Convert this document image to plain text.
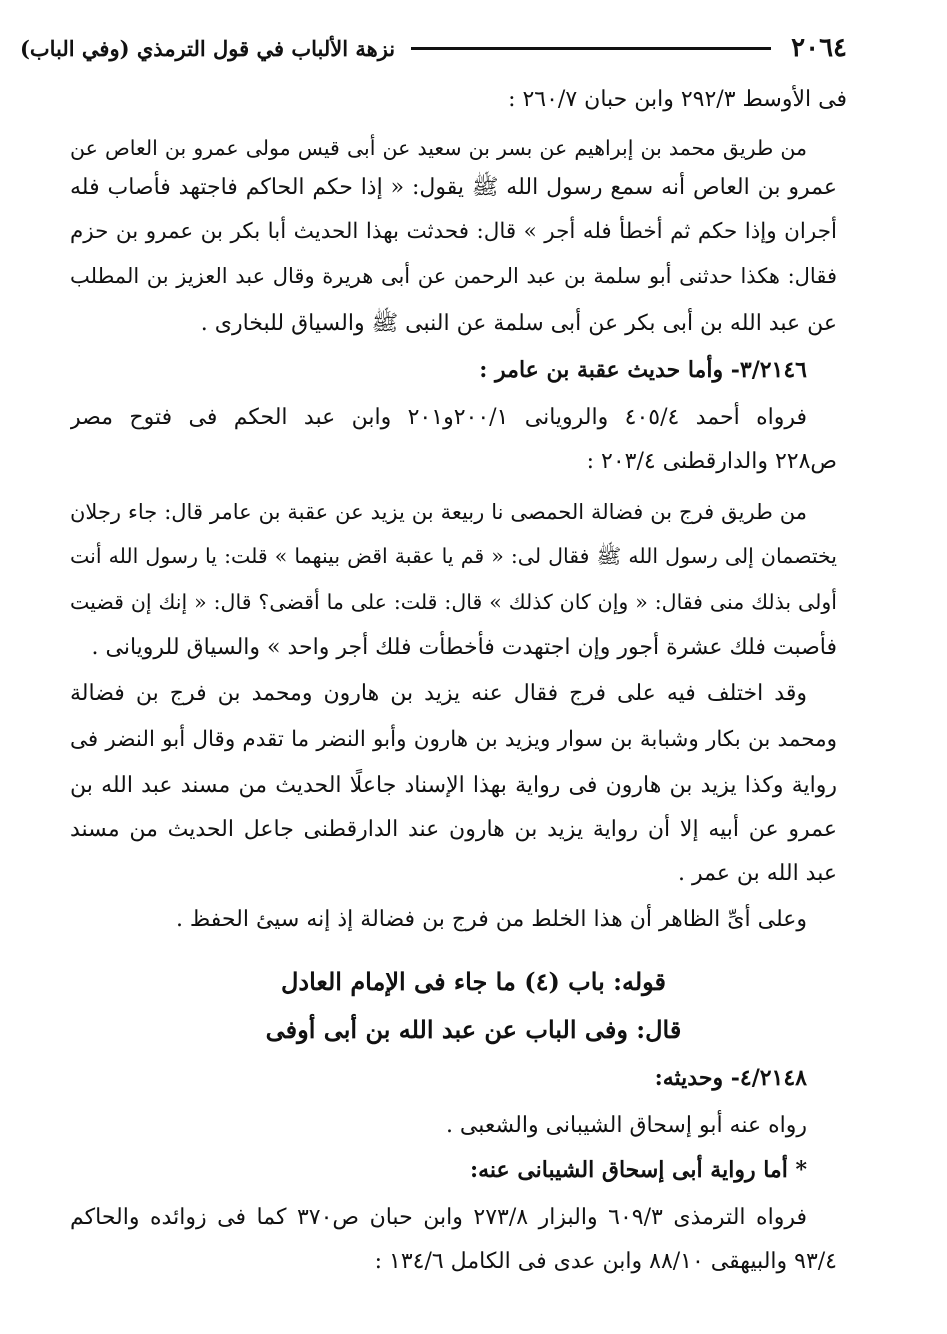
٢٠٦٤
نزهة الألباب في قول الترمذي (وفي الباب)
فى الأوسط ٢٩٢/٣ وابن حبان ٢٦٠/٧ :
من طريق محمد بن إبراهيم عن بسر بن سعيد عن أبى قيس مولى عمرو بن العاص عن
عمرو بن العاص أنه سمع رسول الله ﷺ يقول: « إذا حكم الحاكم فاجتهد فأصاب فله
أجران وإذا حكم ثم أخطأ فله أجر » قال: فحدثت بهذا الحديث أبا بكر بن عمرو بن حزم
فقال: هكذا حدثنى أبو سلمة بن عبد الرحمن عن أبى هريرة وقال عبد العزيز بن المطلب
عن عبد الله بن أبى بكر عن أبى سلمة عن النبى ﷺ والسياق للبخارى .
٣/٢١٤٦- وأما حديث عقبة بن عامر :
فرواه أحمد ٤٠٥/٤ والرويانى ٢٠٠/١و٢٠١ وابن عبد الحكم فى فتوح مصر
ص٢٢٨ والدارقطنى ٢٠٣/٤ :
من طريق فرج بن فضالة الحمصى نا ربيعة بن يزيد عن عقبة بن عامر قال: جاء رجلان
يختصمان إلى رسول الله ﷺ فقال لى: « قم يا عقبة اقض بينهما » قلت: يا رسول الله أنت
أولى بذلك منى فقال: « وإن كان كذلك » قال: قلت: على ما أقضى؟ قال: « إنك إن قضيت
فأصبت فلك عشرة أجور وإن اجتهدت فأخطأت فلك أجر واحد » والسياق للرويانى .
وقد اختلف فيه على فرج فقال عنه يزيد بن هارون ومحمد بن فرج بن فضالة
ومحمد بن بكار وشبابة بن سوار ويزيد بن هارون وأبو النضر ما تقدم وقال أبو النضر فى
رواية وكذا يزيد بن هارون فى رواية بهذا الإسناد جاعلًا الحديث من مسند عبد الله بن
عمرو عن أبيه إلا أن رواية يزيد بن هارون عند الدارقطنى جاعل الحديث من مسند
عبد الله بن عمر .
وعلى أىِّ الظاهر أن هذا الخلط من فرج بن فضالة إذ إنه سيئ الحفظ .
قوله: باب (٤) ما جاء فى الإمام العادل
قال: وفى الباب عن عبد الله بن أبى أوفى
٤/٢١٤٨- وحديثه:
رواه عنه أبو إسحاق الشيبانى والشعبى .
* أما رواية أبى إسحاق الشيبانى عنه:
فرواه الترمذى ٦٠٩/٣ والبزار ٢٧٣/٨ وابن حبان ص٣٧٠ كما فى زوائده والحاكم
٩٣/٤ والبيهقى ٨٨/١٠ وابن عدى فى الكامل ١٣٤/٦ :
